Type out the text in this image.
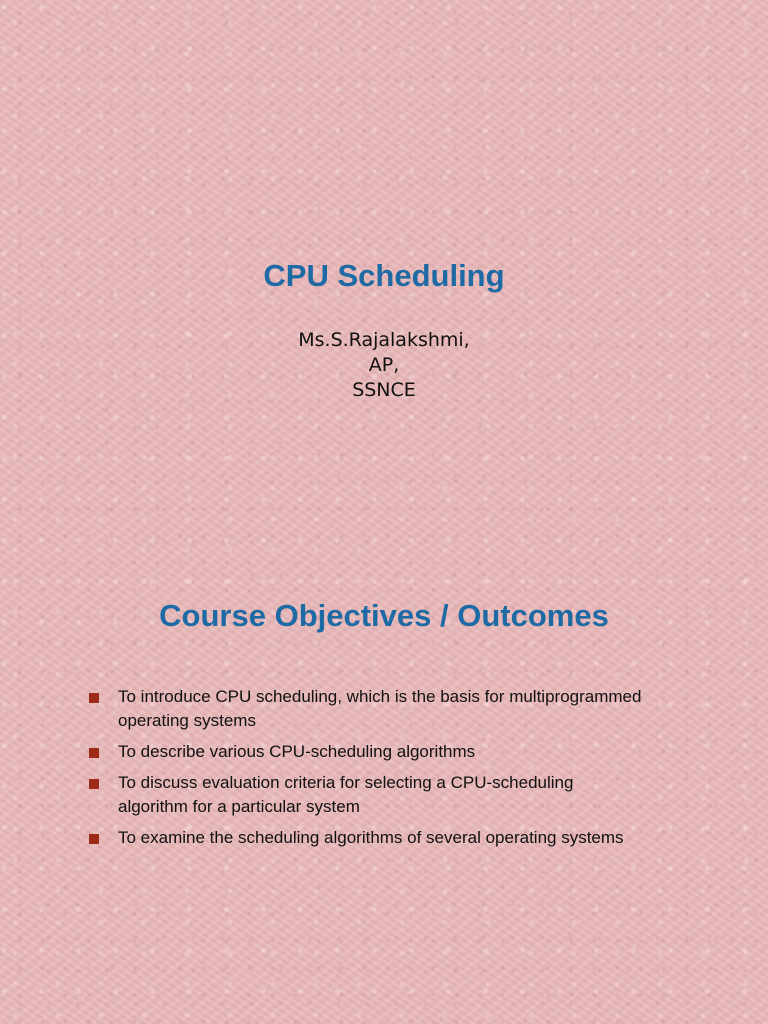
CPU Scheduling
Ms.S.Rajalakshmi,
AP,
SSNCE
Course Objectives / Outcomes
To introduce CPU scheduling, which is the basis for multiprogrammed operating systems
To describe various CPU-scheduling algorithms
To discuss evaluation criteria for selecting a CPU-scheduling algorithm for a particular system
To examine the scheduling algorithms of several operating systems
